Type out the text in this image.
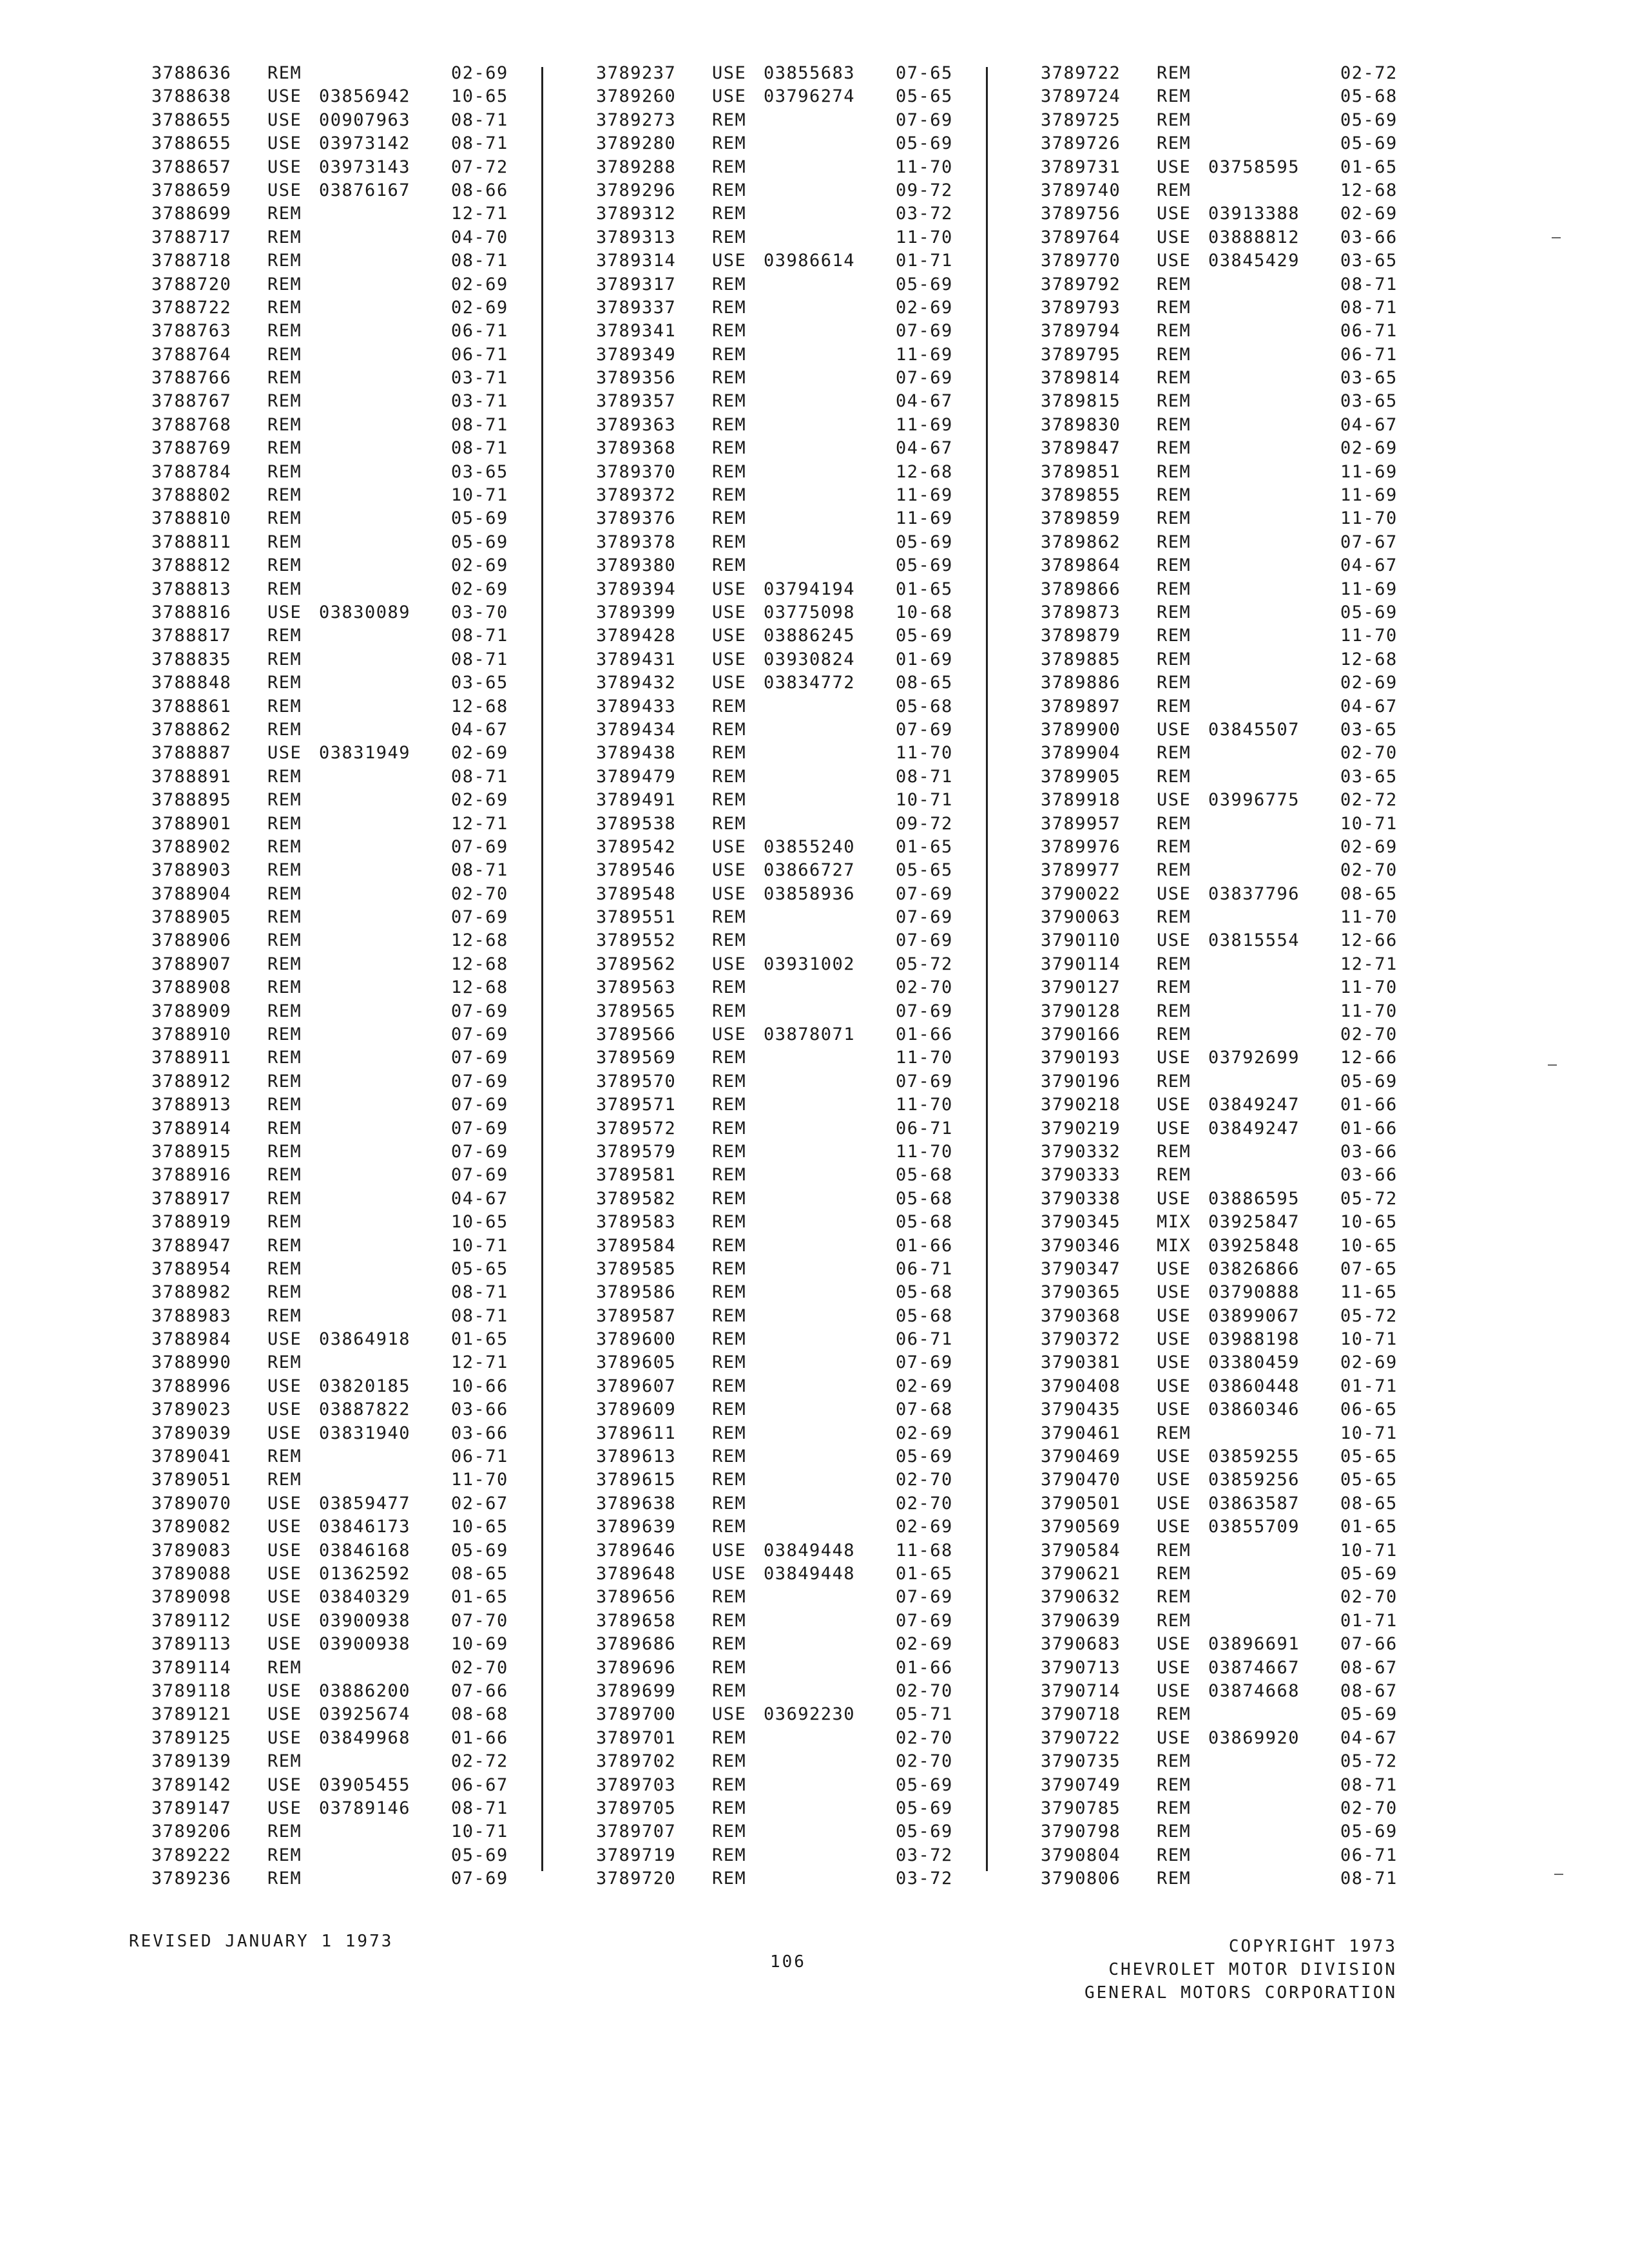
3788636 REM	02-69
3788638 USE 03856942 10-65
3788655 USE 00907963 08-71
3788655 USE 03973142 08-71
3788657 USE 03973143 07-72
3788659 USE 03876167 08-66
3788699 REM	12-71
3788717 REM	04-70
3788718 REM	08-71
3788720 REM	02-69
3788722 REM	02-69
3788763 REM	06-71
3788764 REM	06-71
3788766 REM	03-71
3788767 REM	03-71
3788768 REM	08-71
3788769 REM	08-71
3788784 REM	03-65
3788802 REM	10-71
3788810 REM	05-69
3788811 REM	05-69
3788812 REM	02-69
3788813 REM	02-69
3788816 USE 03830089 03-70
3788817 REM	08-71
3788835 REM	08-71
3788848 REM	03-65
3788861 REM	12-68
3788862 REM	04-67
3788887 USE 03831949 02-69
3788891 REM	08-71
3788895 REM	02-69
3788901 REM	12-71
3788902 REM	07-69
3788903 REM	08-71
3788904 REM	02-70
3788905 REM	07-69
3788906 REM	12-68
3788907 REM	12-68
3788908 REM	12-68
3788909 REM	07-69
3788910 REM	07-69
3788911 REM	07-69
3788912 REM	07-69
3788913 REM	07-69
3788914 REM	07-69
3788915 REM	07-69
3788916 REM	07-69
3788917 REM	04-67
3788919 REM	10-65
3788947 REM	10-71
3788954 REM	05-65
3788982 REM	08-71
3788983 REM	08-71
3788984 USE 03864918 01-65
3788990 REM	12-71
3788996 USE 03820185 10-66
3789023 USE 03887822 03-66
3789039 USE 03831940 03-66
3789041 REM	06-71
3789051 REM	11-70
3789070 USE 03859477 02-67
3789082 USE 03846173 10-65
3789083 USE 03846168 05-69
3789088 USE 01362592 08-65
3789098 USE 03840329 01-65
3789112 USE 03900938 07-70
3789113 USE 03900938 10-69
3789114 REM	02-70
3789118 USE 03886200 07-66
3789121 USE 03925674 08-68
3789125 USE 03849968 01-66
3789139 REM	02-72
3789142 USE 03905455 06-67
3789147 USE 03789146 08-71
3789206 REM	10-71
3789222 REM	05-69
3789236 REM	07-69
3789237 USE 03855683 07-65
3789260 USE 03796274 05-65
3789273 REM	07-69
3789280 REM	05-69
3789288 REM	11-70
3789296 REM	09-72
3789312 REM	03-72
3789313 REM	11-70
3789314 USE 03986614 01-71
3789317 REM	05-69
3789337 REM	02-69
3789341 REM	07-69
3789349 REM	11-69
3789356 REM	07-69
3789357 REM	04-67
3789363 REM	11-69
3789368 REM	04-67
3789370 REM	12-68
3789372 REM	11-69
3789376 REM	11-69
3789378 REM	05-69
3789380 REM	05-69
3789394 USE 03794194 01-65
3789399 USE 03775098 10-68
3789428 USE 03886245 05-69
3789431 USE 03930824 01-69
3789432 USE 03834772 08-65
3789433 REM	05-68
3789434 REM	07-69
3789438 REM	11-70
3789479 REM	08-71
3789491 REM	10-71
3789538 REM	09-72
3789542 USE 03855240 01-65
3789546 USE 03866727 05-65
3789548 USE 03858936 07-69
3789551 REM	07-69
3789552 REM	07-69
3789562 USE 03931002 05-72
3789563 REM	02-70
3789565 REM	07-69
3789566 USE 03878071 01-66
3789569 REM	11-70
3789570 REM	07-69
3789571 REM	11-70
3789572 REM	06-71
3789579 REM	11-70
3789581 REM	05-68
3789582 REM	05-68
3789583 REM	05-68
3789584 REM	01-66
3789585 REM	06-71
3789586 REM	05-68
3789587 REM	05-68
3789600 REM	06-71
3789605 REM	07-69
3789607 REM	02-69
3789609 REM	07-68
3789611 REM	02-69
3789613 REM	05-69
3789615 REM	02-70
3789638 REM	02-70
3789639 REM	02-69
3789646 USE 03849448 11-68
3789648 USE 03849448 01-65
3789656 REM	07-69
3789658 REM	07-69
3789686 REM	02-69
3789696 REM	01-66
3789699 REM	02-70
3789700 USE 03692230 05-71
3789701 REM	02-70
3789702 REM	02-70
3789703 REM	05-69
3789705 REM	05-69
3789707 REM	05-69
3789719 REM	03-72
3789720 REM	03-72
3789722 REM	02-72
3789724 REM	05-68
3789725 REM	05-69
3789726 REM	05-69
3789731 USE 03758595 01-65
3789740 REM	12-68
3789756 USE 03913388 02-69
3789764 USE 03888812 03-66
3789770 USE 03845429 03-65
3789792 REM	08-71
3789793 REM	08-71
3789794 REM	06-71
3789795 REM	06-71
3789814 REM	03-65
3789815 REM	03-65
3789830 REM	04-67
3789847 REM	02-69
3789851 REM	11-69
3789855 REM	11-69
3789859 REM	11-70
3789862 REM	07-67
3789864 REM	04-67
3789866 REM	11-69
3789873 REM	05-69
3789879 REM	11-70
3789885 REM	12-68
3789886 REM	02-69
3789897 REM	04-67
3789900 USE 03845507 03-65
3789904 REM	02-70
3789905 REM	03-65
3789918 USE 03996775 02-72
3789957 REM	10-71
3789976 REM	02-69
3789977 REM	02-70
3790022 USE 03837796 08-65
3790063 REM	11-70
3790110 USE 03815554 12-66
3790114 REM	12-71
3790127 REM	11-70
3790128 REM	11-70
3790166 REM	02-70
3790193 USE 03792699 12-66
3790196 REM	05-69
3790218 USE 03849247 01-66
3790219 USE 03849247 01-66
3790332 REM	03-66
3790333 REM	03-66
3790338 USE 03886595 05-72
3790345 MIX 03925847 10-65
3790346 MIX 03925848 10-65
3790347 USE 03826866 07-65
3790365 USE 03790888 11-65
3790368 USE 03899067 05-72
3790372 USE 03988198 10-71
3790381 USE 03380459 02-69
3790408 USE 03860448 01-71
3790435 USE 03860346 06-65
3790461 REM	10-71
3790469 USE 03859255 05-65
3790470 USE 03859256 05-65
3790501 USE 03863587 08-65
3790569 USE 03855709 01-65
3790584 REM	10-71
3790621 REM	05-69
3790632 REM	02-70
3790639 REM	01-71
3790683 USE 03896691 07-66
3790713 USE 03874667 08-67
3790714 USE 03874668 08-67
3790718 REM	05-69
3790722 USE 03869920 04-67
3790735 REM	05-72
3790749 REM	08-71
3790785 REM	02-70
3790798 REM	05-69
3790804 REM	06-71
3790806 REM	08-71
REVISED JANUARY 1 1973
106
COPYRIGHT 1973
CHEVROLET MOTOR DIVISION
GENERAL MOTORS CORPORATION
